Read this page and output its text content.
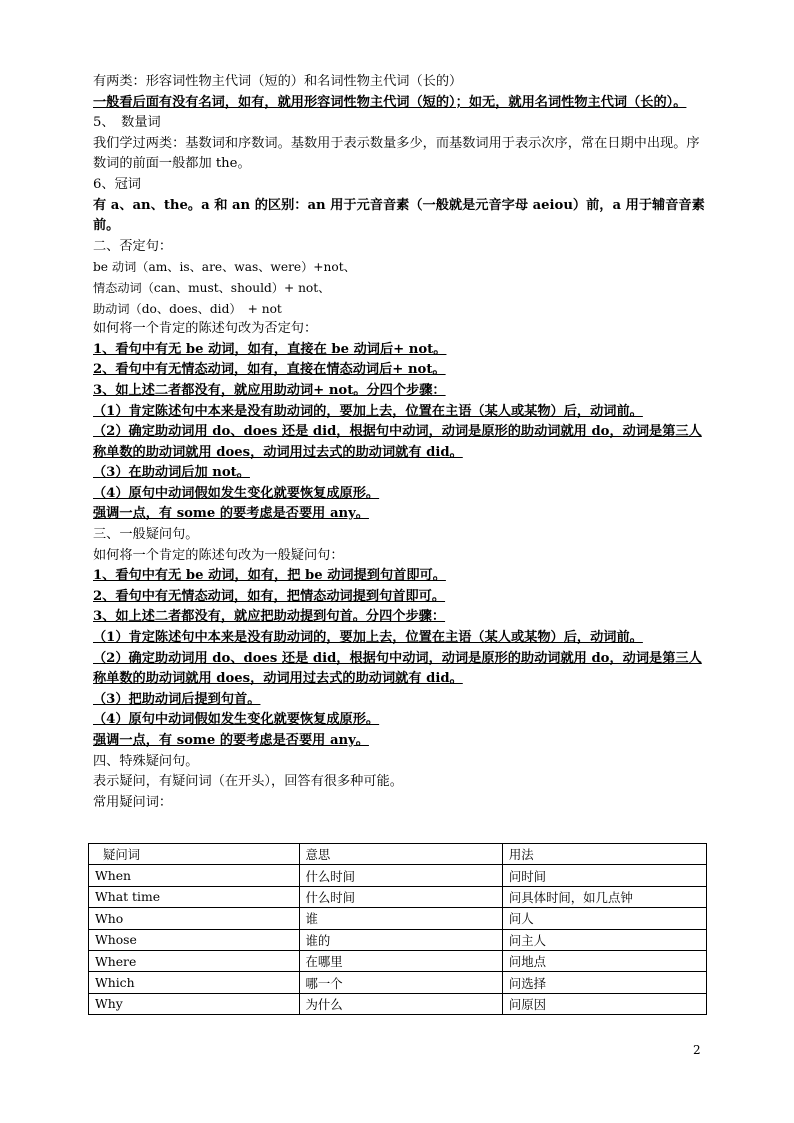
有两类：形容词性物主代词（短的）和名词性物主代词（长的）
一般看后面有没有名词，如有，就用形容词性物主代词（短的）；如无，就用名词性物主代词（长的）。
5、　数量词
我们学过两类：基数词和序数词。基数用于表示数量多少，而基数词用于表示次序，常在日期中出现。序数词的前面一般都加 the。
6、冠词
有 a、an、the。a 和 an 的区别：an 用于元音音素（一般就是元音字母 aeiou）前，a 用于辅音音素前。
二、否定句：
be 动词（am、is、are、was、were）+not、
情态动词（can、must、should）+ not、
助动词（do、does、did）　+ not
如何将一个肯定的陈述句改为否定句：
1、看句中有无 be 动词，如有，直接在 be 动词后+ not。
2、看句中有无情态动词，如有，直接在情态动词后+ not。
3、如上述二者都没有，就应用助动词+ not。分四个步骤：
（1）肯定陈述句中本来是没有助动词的，要加上去，位置在主语（某人或某物）后，动词前。
（2）确定助动词用 do、does 还是 did，根据句中动词，动词是原形的助动词就用 do，动词是第三人称单数的助动词就用 does，动词用过去式的助动词就有 did。
（3）在助动词后加 not。
（4）原句中动词假如发生变化就要恢复成原形。
强调一点，有 some 的要考虑是否要用 any。
三、一般疑问句。
如何将一个肯定的陈述句改为一般疑问句：
1、看句中有无 be 动词，如有，把 be 动词提到句首即可。
2、看句中有无情态动词，如有，把情态动词提到句首即可。
3、如上述二者都没有，就应把助动提到句首。分四个步骤：
（1）肯定陈述句中本来是没有助动词的，要加上去，位置在主语（某人或某物）后，动词前。
（2）确定助动词用 do、does 还是 did，根据句中动词，动词是原形的助动词就用 do，动词是第三人称单数的助动词就用 does，动词用过去式的助动词就有 did。
（3）把助动词后提到句首。
（4）原句中动词假如发生变化就要恢复成原形。
强调一点，有 some 的要考虑是否要用 any。
四、特殊疑问句。
表示疑问，有疑问词（在开头），回答有很多种可能。
常用疑问词：
疑问词	意思	用法
When	什么时间	问时间
What time	什么时间	问具体时间，如几点钟
Who	谁	问人
Whose	谁的	问主人
Where	在哪里	问地点
Which	哪一个	问选择
Why	为什么	问原因
2
